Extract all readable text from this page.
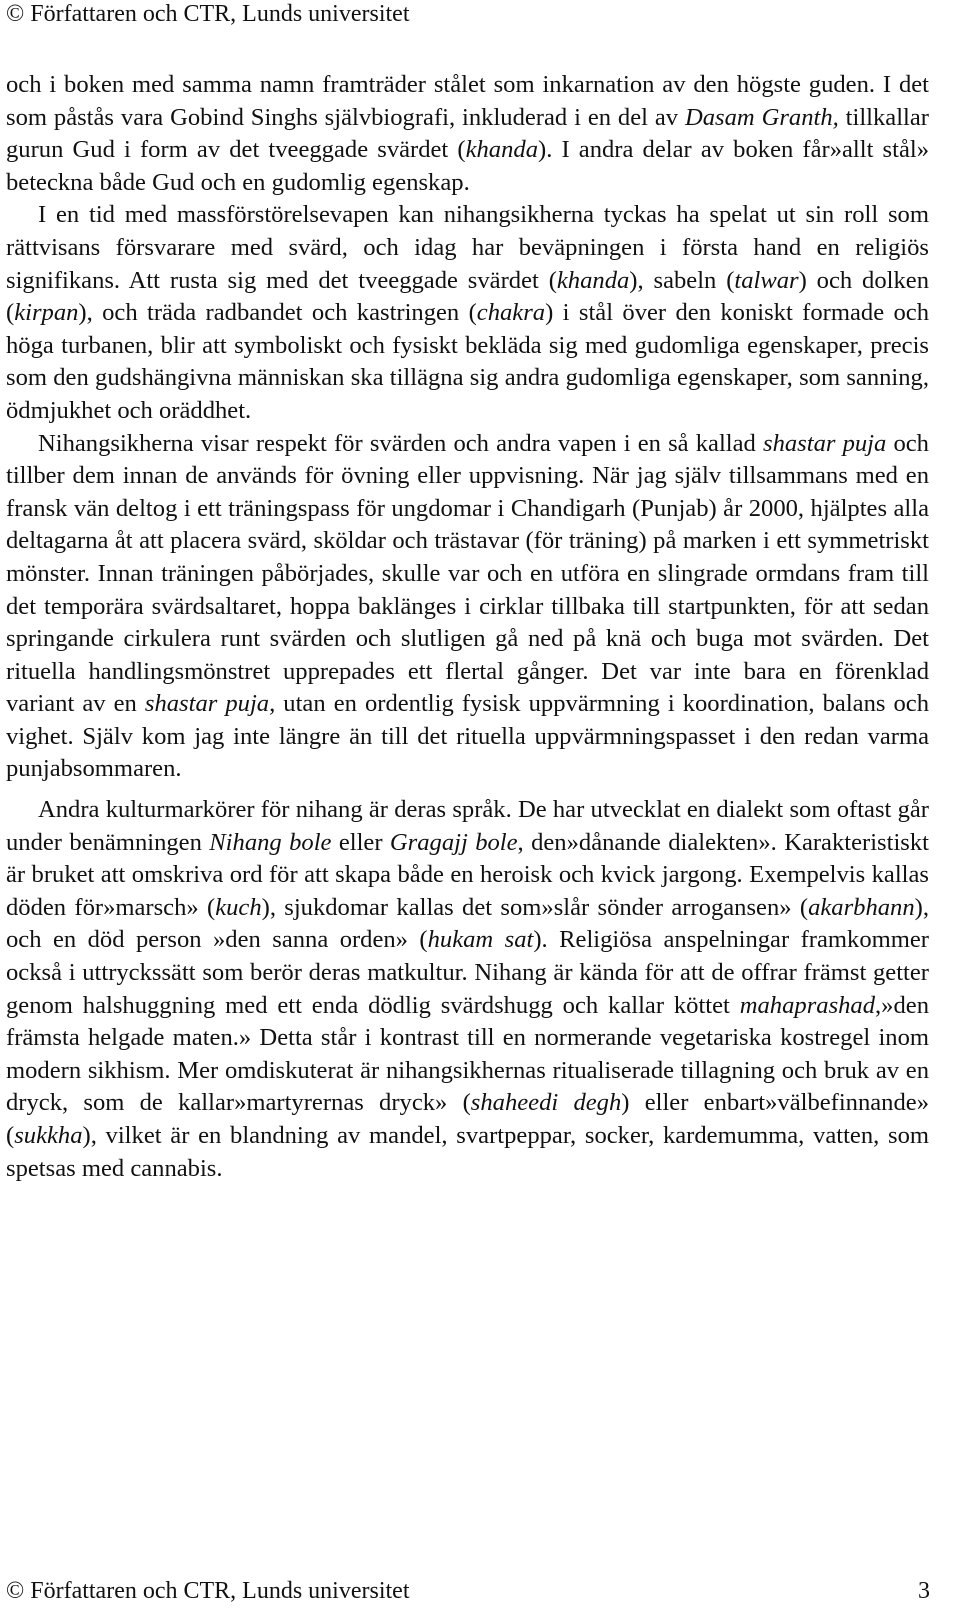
© Författaren och CTR, Lunds universitet

och i boken med samma namn framträder stålet som inkarnation av den högste guden. I det som påstås vara Gobind Singhs självbiografi, inkluderad i en del av Dasam Granth, tillkallar gurun Gud i form av det tveeggade svärdet (khanda). I andra delar av boken får»allt stål» beteckna både Gud och en gudomlig egenskap.

I en tid med massförstörelsevapen kan nihangsikherna tyckas ha spelat ut sin roll som rättvisans försvarare med svärd, och idag har beväpningen i första hand en religiös signifikans. Att rusta sig med det tveeggade svärdet (khanda), sabeln (talwar) och dolken (kirpan), och träda radbandet och kastringen (chakra) i stål över den koniskt formade och höga turbanen, blir att symboliskt och fysiskt bekläda sig med gudomliga egenskaper, precis som den gudshängivna människan ska tillägna sig andra gudomliga egenskaper, som sanning, ödmjukhet och oräddhet.

Nihangsikherna visar respekt för svärden och andra vapen i en så kallad shastar puja och tillber dem innan de används för övning eller uppvisning. När jag själv tillsammans med en fransk vän deltog i ett träningspass för ungdomar i Chandigarh (Punjab) år 2000, hjälptes alla deltagarna åt att placera svärd, sköldar och trästavar (för träning) på marken i ett symmetriskt mönster. Innan träningen påbörjades, skulle var och en utföra en slingrade ormdans fram till det temporära svärdsaltaret, hoppa baklänges i cirklar tillbaka till startpunkten, för att sedan springande cirkulera runt svärden och slutligen gå ned på knä och buga mot svärden. Det rituella handlingsmönstret upprepades ett flertal gånger. Det var inte bara en förenklad variant av en shastar puja, utan en ordentlig fysisk uppvärmning i koordination, balans och vighet. Själv kom jag inte längre än till det rituella uppvärmningspasset i den redan varma punjabsommaren.

Andra kulturmarkörer för nihang är deras språk. De har utvecklat en dialekt som oftast går under benämningen Nihang bole eller Gragajj bole, den»dånande dialekten». Karakteristiskt är bruket att omskriva ord för att skapa både en heroisk och kvick jargong. Exempelvis kallas döden för»marsch» (kuch), sjukdomar kallas det som»slår sönder arrogansen» (akarbhann), och en död person »den sanna orden» (hukam sat). Religiösa anspelningar framkommer också i uttryckssätt som berör deras matkultur. Nihang är kända för att de offrar främst getter genom halshuggning med ett enda dödlig svärdshugg och kallar köttet mahaprashad,»den främsta helgade maten.» Detta står i kontrast till en normerande vegetariska kostregel inom modern sikhism. Mer omdiskuterat är nihangsikhernas ritualiserade tillagning och bruk av en dryck, som de kallar»martyrernas dryck» (shaheedi degh) eller enbart»välbefinnande» (sukkha), vilket är en blandning av mandel, svartpeppar, socker, kardemumma, vatten, som spetsas med cannabis.

© Författaren och CTR, Lunds universitet	3
